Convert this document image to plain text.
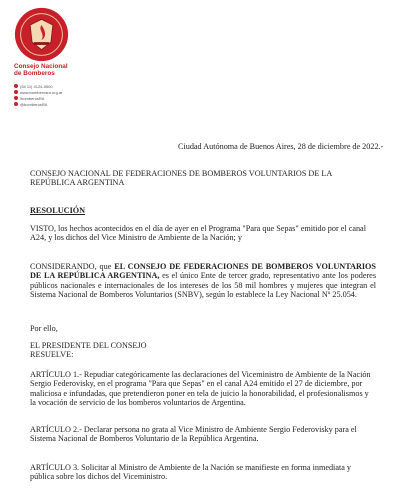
Consejo Nacional
de Bomberos
(54 11) 4124-5500
www.bomberosra.org.ar
/bomberosRA
@bomberosRA
Ciudad Autónoma de Buenos Aires, 28 de diciembre de 2022.-

CONSEJO NACIONAL DE FEDERACIONES DE BOMBEROS VOLUNTARIOS DE LA REPÚBLICA ARGENTINA

RESOLUCIÓN

VISTO, los hechos acontecidos en el día de ayer en el Programa "Para que Sepas" emitido por el canal A24, y los dichos del Vice Ministro de Ambiente de la Nación; y

CONSIDERANDO, que EL CONSEJO DE FEDERACIONES DE BOMBEROS VOLUNTARIOS DE LA REPÚBLICA ARGENTINA, es el único Ente de tercer grado, representativo ante los poderes públicos nacionales e internacionales de los intereses de los 58 mil hombres y mujeres que integran el Sistema Nacional de Bomberos Voluntarios (SNBV), según lo establece la Ley Nacional Nº 25.054.

Por ello,

EL PRESIDENTE DEL CONSEJO
RESUELVE:

ARTÍCULO 1.- Repudiar categóricamente las declaraciones del Viceministro de Ambiente de la Nación Sergio Federovisky, en el programa "Para que Sepas" en el canal A24 emitido el 27 de diciembre, por maliciosa e infundadas, que pretendieron poner en tela de juicio la honorabilidad, el profesionalismos y la vocación de servicio de los bomberos voluntarios de Argentina.

ARTÍCULO 2.- Declarar persona no grata al Vice Ministro de Ambiente Sergio Federovisky para el Sistema Nacional de Bomberos Voluntario de la República Argentina.

ARTÍCULO 3. Solicitar al Ministro de Ambiente de la Nación se manifieste en forma inmediata y pública sobre los dichos del Viceministro.
